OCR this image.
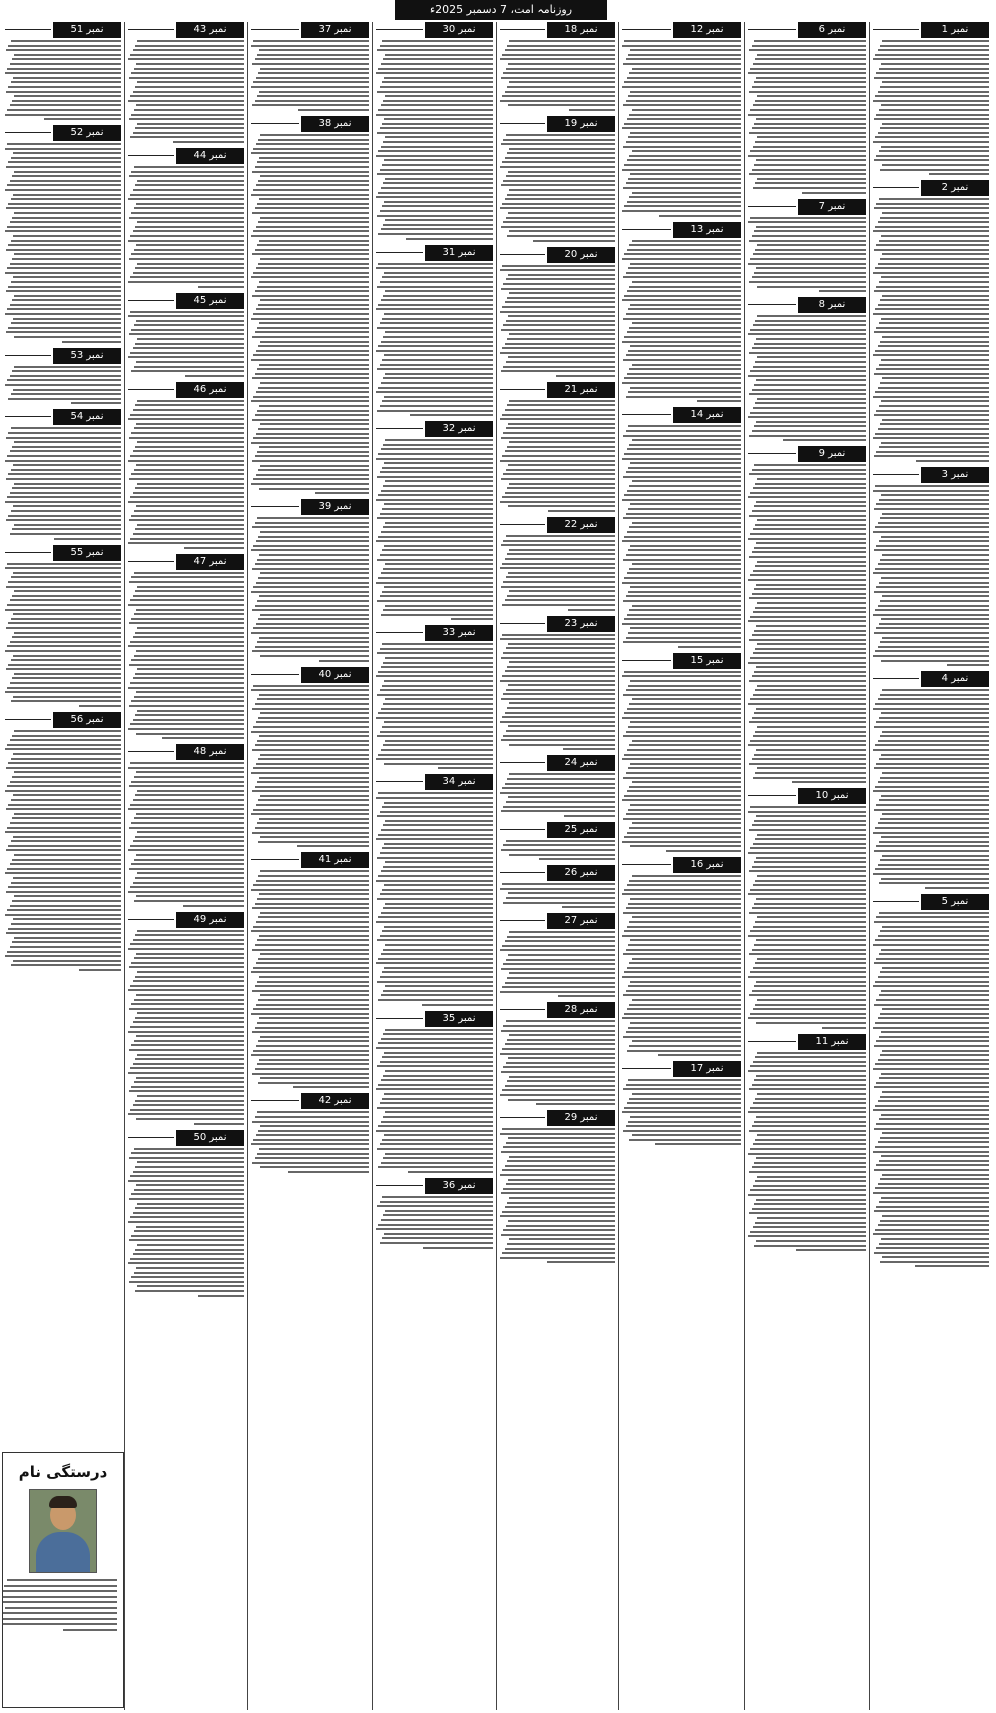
روزنامہ امت، 7 دسمبر 2025ء
نمبر 1
نمبر 2
نمبر 3
نمبر 4
نمبر 5
نمبر 6
نمبر 7
نمبر 8
نمبر 9
نمبر 10
نمبر 11
نمبر 12
نمبر 13
نمبر 14
نمبر 15
نمبر 16
نمبر 17
نمبر 18
نمبر 19
نمبر 20
نمبر 21
نمبر 22
نمبر 23
نمبر 24
نمبر 25
نمبر 26
نمبر 27
نمبر 28
نمبر 29
نمبر 30
نمبر 31
نمبر 32
نمبر 33
نمبر 34
نمبر 35
نمبر 36
نمبر 37
نمبر 38
نمبر 39
نمبر 40
نمبر 41
نمبر 42
نمبر 43
نمبر 44
نمبر 45
نمبر 46
نمبر 47
نمبر 48
نمبر 49
نمبر 50
نمبر 51
نمبر 52
نمبر 53
نمبر 54
نمبر 55
نمبر 56
درستگی نام
